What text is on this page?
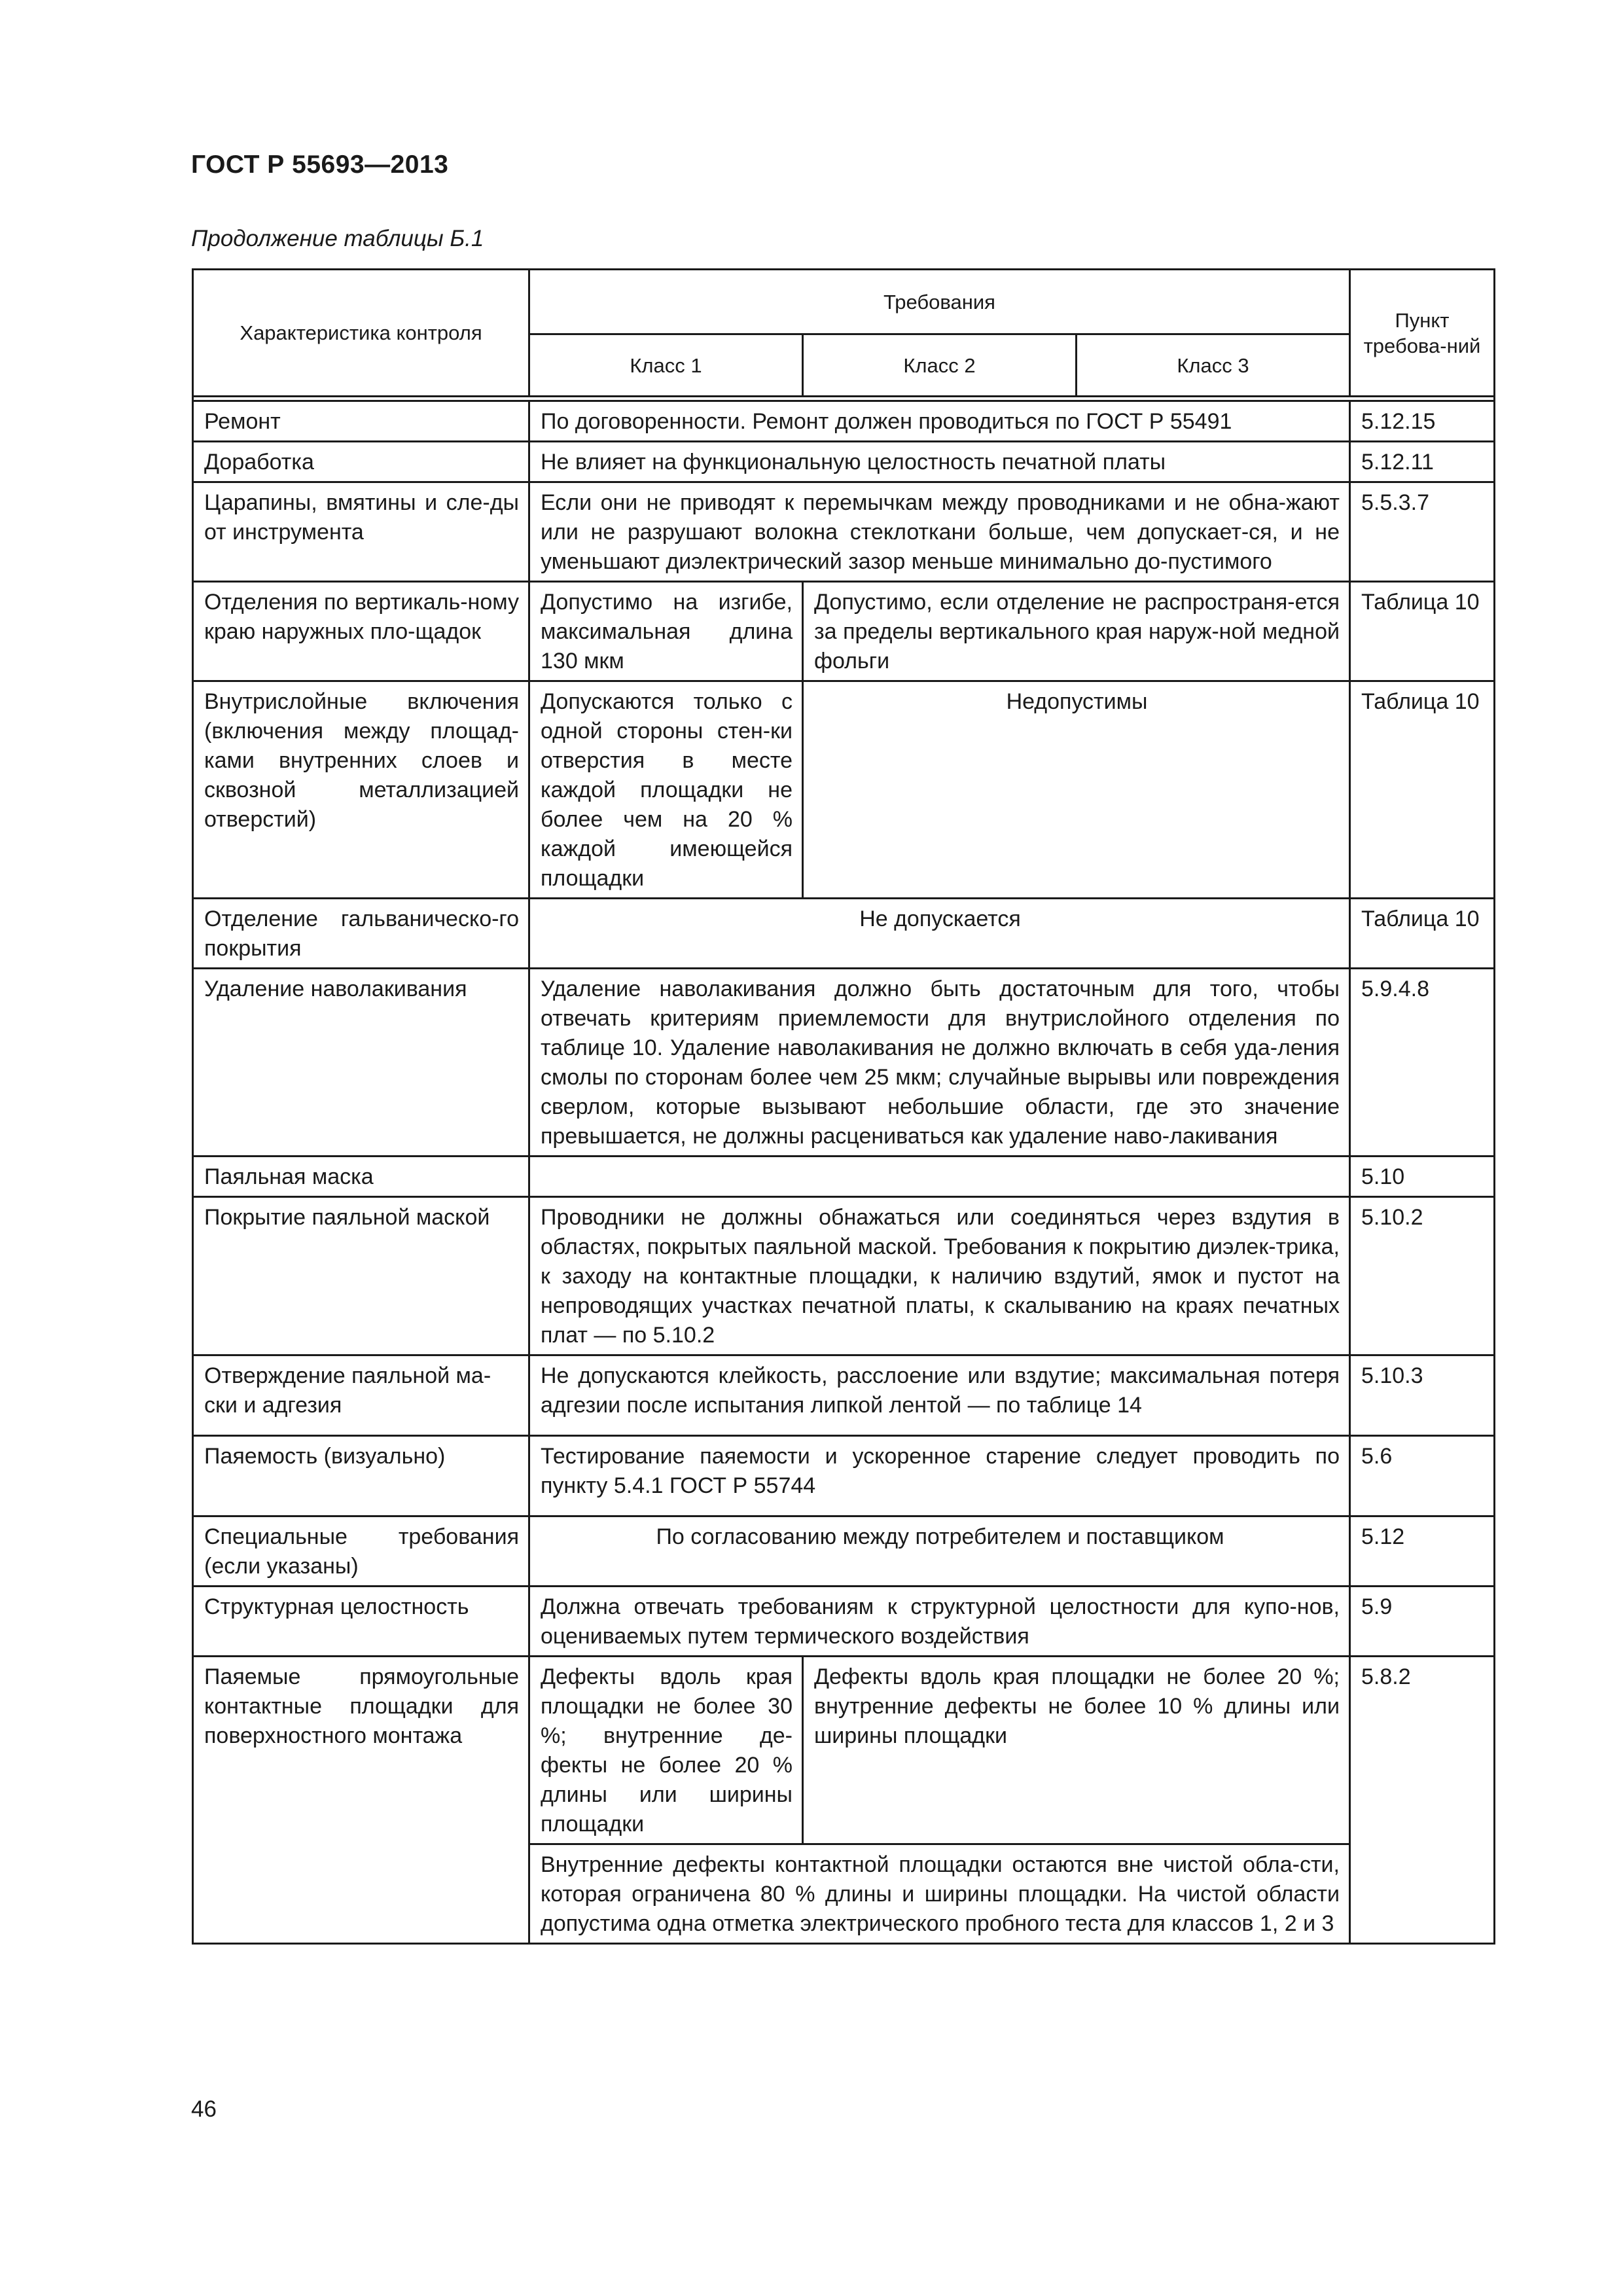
ГОСТ Р 55693—2013
Продолжение таблицы Б.1
Характеристика контроля	Требования			Пункт требова-ний
	Класс 1	Класс 2	Класс 3	

Ремонт	По договоренности. Ремонт должен проводиться по ГОСТ Р 55491			5.12.15
Доработка	Не влияет на функциональную целостность печатной платы			5.12.11
Царапины, вмятины и сле-ды от инструмента	Если они не приводят к перемычкам между проводниками и не обна-жают или не разрушают волокна стеклоткани больше, чем допускает-ся, и не уменьшают диэлектрический зазор меньше минимально до-пустимого			5.5.3.7
Отделения по вертикаль-ному краю наружных пло-щадок	Допустимо на изгибе, максимальная длина 130 мкм	Допустимо, если отделение не распространя-ется за пределы вертикального края наруж-ной медной фольги		Таблица 10
Внутрислойные включения (включения между площад-ками внутренних слоев и сквозной металлизацией отверстий)	Допускаются только с одной стороны стен-ки отверстия в месте каждой площадки не более чем на 20 % каждой имеющейся площадки	Недопустимы		Таблица 10
Отделение гальваническо-го покрытия	Не допускается			Таблица 10
Удаление наволакивания	Удаление наволакивания должно быть достаточным для того, чтобы отвечать критериям приемлемости для внутрислойного отделения по таблице 10. Удаление наволакивания не должно включать в себя уда-ления смолы по сторонам более чем 25 мкм; случайные вырывы или повреждения сверлом, которые вызывают небольшие области, где это значение превышается, не должны расцениваться как удаление наво-лакивания			5.9.4.8
Паяльная маска				5.10
Покрытие паяльной маской	Проводники не должны обнажаться или соединяться через вздутия в областях, покрытых паяльной маской. Требования к покрытию диэлек-трика, к заходу на контактные площадки, к наличию вздутий, ямок и пустот на непроводящих участках печатной платы, к скалыванию на краях печатных плат — по 5.10.2			5.10.2
Отверждение паяльной ма-ски и адгезия	Не допускаются клейкость, расслоение или вздутие; максимальная потеря адгезии после испытания липкой лентой — по таблице 14			5.10.3
Паяемость (визуально)	Тестирование паяемости и ускоренное старение следует проводить по пункту 5.4.1 ГОСТ Р 55744			5.6
Специальные требования (если указаны)	По согласованию между потребителем и поставщиком			5.12
Структурная целостность	Должна отвечать требованиям к структурной целостности для купо-нов, оцениваемых путем термического воздействия			5.9
Паяемые прямоугольные контактные площадки для поверхностного монтажа	Дефекты вдоль края площадки не более 30 %; внутренние де-фекты не более 20 % длины или ширины площадки	Дефекты вдоль края площадки не более 20 %; внутренние дефекты не более 10 % длины или ширины площадки		5.8.2
	Внутренние дефекты контактной площадки остаются вне чистой обла-сти, которая ограничена 80 % длины и ширины площадки. На чистой области допустима одна отметка электрического пробного теста для классов 1, 2 и 3			
46
